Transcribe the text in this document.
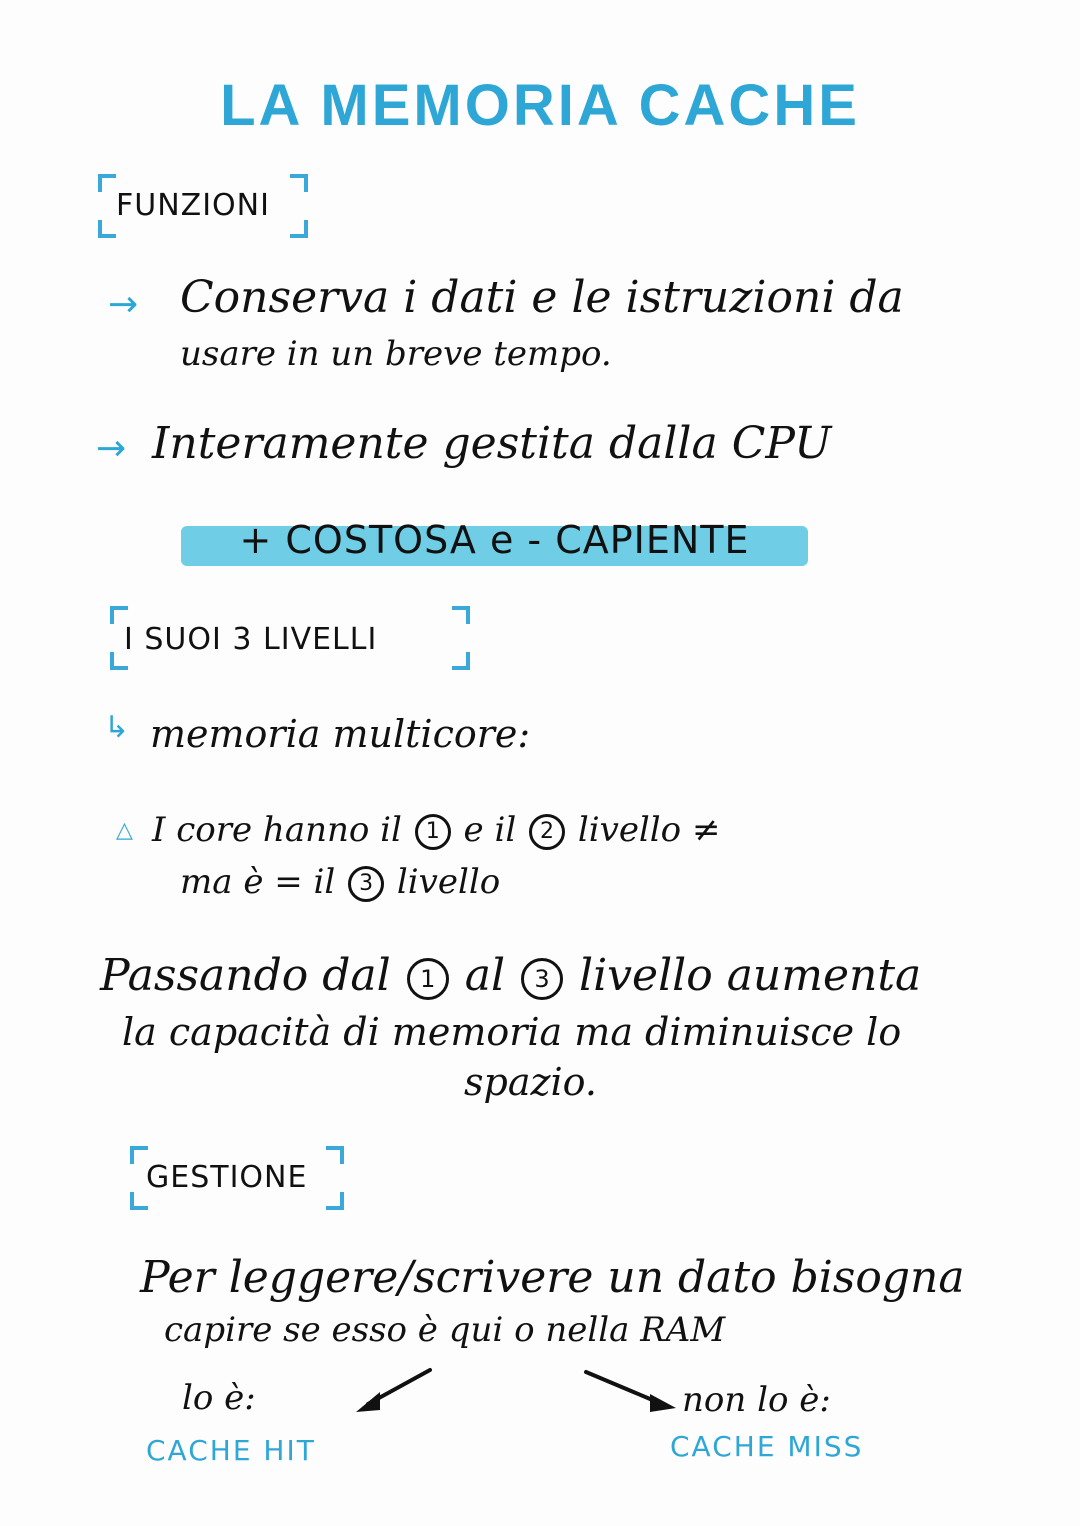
LA MEMORIA CACHE
FUNZIONI
→ Conserva i dati e le istruzioni da
usare in un breve tempo.
→ Interamente gestita dalla CPU
+ COSTOSA e - CAPIENTE
I SUOI 3 LIVELLI
↳ memoria multicore:
△ I core hanno il 1 e il 2 livello ≠
ma è = il 3 livello
Passando dal 1 al 3 livello aumenta
la capacità di memoria ma diminuisce lo
spazio.
GESTIONE
Per leggere/scrivere un dato bisogna
capire se esso è qui o nella RAM
lo è:	non lo è:
CACHE HIT	CACHE MISS
